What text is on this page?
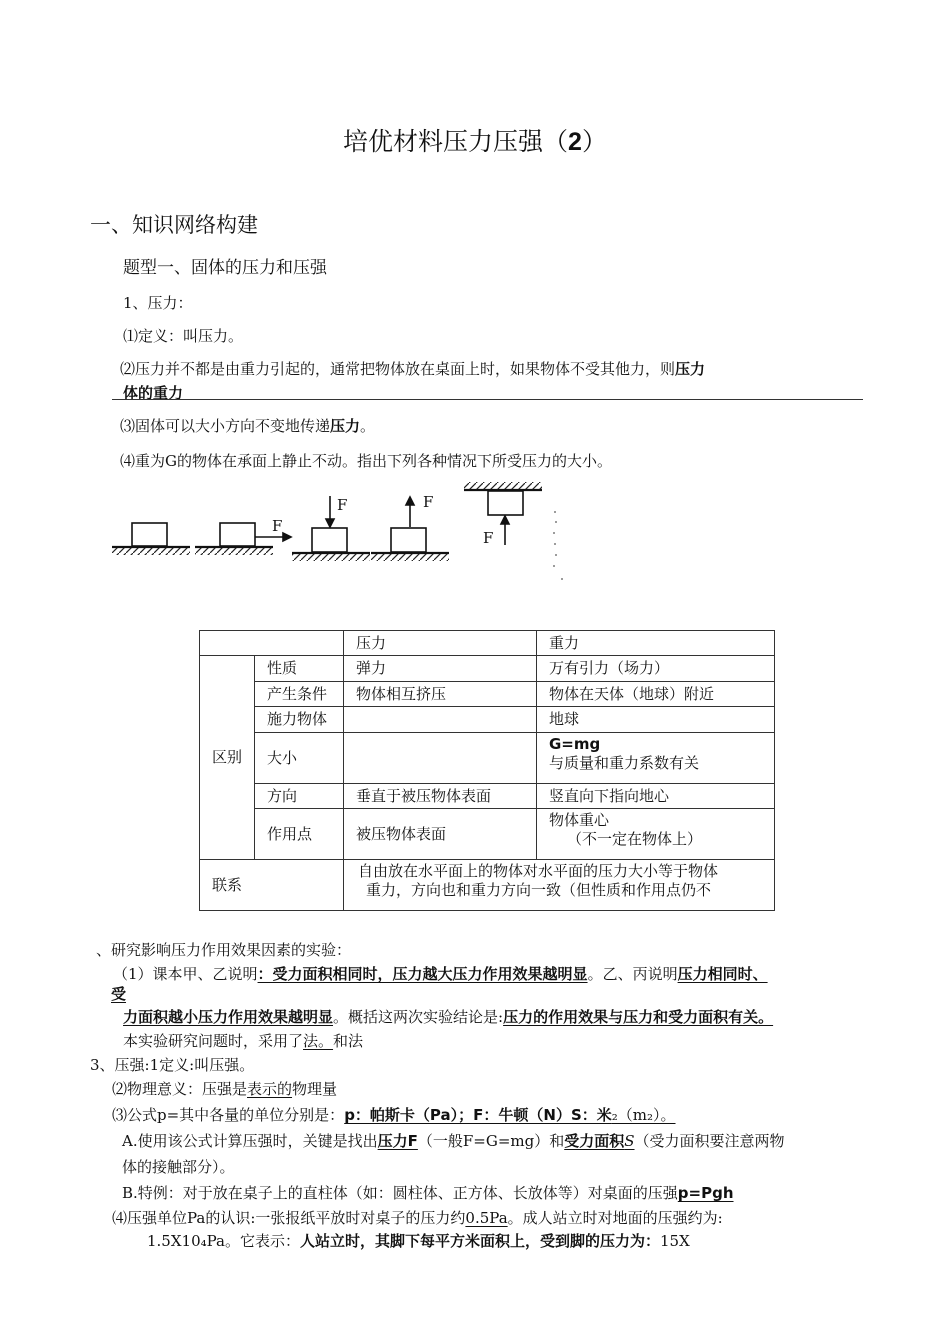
培优材料压力压强（2）
一、知识网络构建
题型一、固体的压力和压强
1、压力：
⑴定义：叫压力。
⑵压力并不都是由重力引起的，通常把物体放在桌面上时，如果物体不受其他力，则压力
体的重力
⑶固体可以大小方向不变地传递压力。
⑷重为G的物体在承面上静止不动。指出下列各种情况下所受压力的大小。
F
F	F
F
		压力	重力
区别	性质	弹力	万有引力（场力）
	产生条件	物体相互挤压	物体在天体（地球）附近
	施力物体		地球
	大小		G=mg
与质量和重力系数有关

	方向	垂直于被压物体表面	竖直向下指向地心
	作用点	被压物体表面	物体重心
（不一定在物体上）

联系		自由放在水平面上的物体对水平面的压力大小等于物体
重力，方向也和重力方向一致（但性质和作用点仍不	
、研究影响压力作用效果因素的实验：
（1）课本甲、乙说明：受力面积相同时，压力越大压力作用效果越明显。乙、丙说明压力相同时、
受
力面积越小压力作用效果越明显。概括这两次实验结论是:压力的作用效果与压力和受力面积有关。
本实验研究问题时，采用了法。和法
3、压强:1定义:叫压强。
⑵物理意义：压强是表示的物理量
⑶公式p=其中各量的单位分别是：p：帕斯卡（Pa）；F：牛顿（N）S：米₂（m₂）。
A.使用该公式计算压强时，关键是找出压力F（一般F=G=mg）和受力面积S（受力面积要注意两物
体的接触部分）。
B.特例：对于放在桌子上的直柱体（如：圆柱体、正方体、长放体等）对桌面的压强p=Pgh
⑷压强单位Pa的认识:一张报纸平放时对桌子的压力约0.5Pa。成人站立时对地面的压强约为:
1.5X10₄Pa。它表示：人站立时，其脚下每平方米面积上，受到脚的压力为：15X
